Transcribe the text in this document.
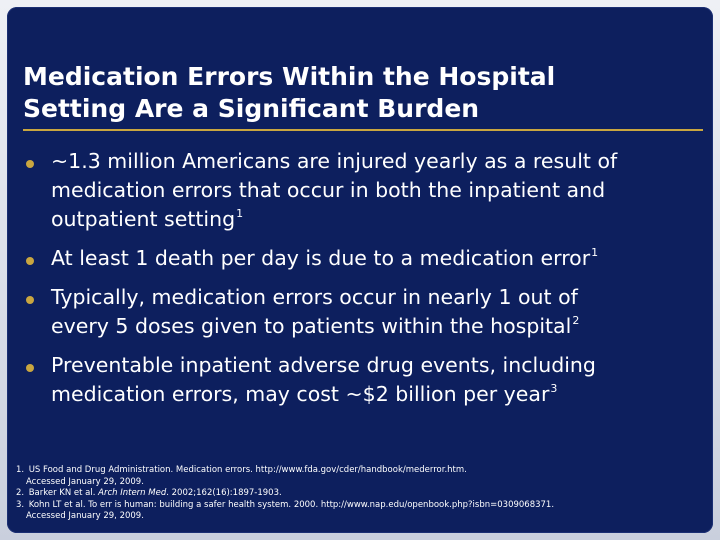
Medication Errors Within the Hospital
Setting Are a Significant Burden
~1.3 million Americans are injured yearly as a result of
medication errors that occur in both the inpatient and
outpatient setting$^1$
At least 1 death per day is due to a medication error$^1$
Typically, medication errors occur in nearly 1 out of
every 5 doses given to patients within the hospital$^2$
Preventable inpatient adverse drug events, including
medication errors, may cost ~$2 billion per year$^3$
1. US Food and Drug Administration. Medication errors. http://www.fda.gov/cder/handbook/mederror.htm.
Accessed January 29, 2009.
2. Barker KN et al. Arch Intern Med. 2002;162(16):1897-1903.
3. Kohn LT et al. To err is human: building a safer health system. 2000. http://www.nap.edu/openbook.php?isbn=0309068371.
Accessed January 29, 2009.
